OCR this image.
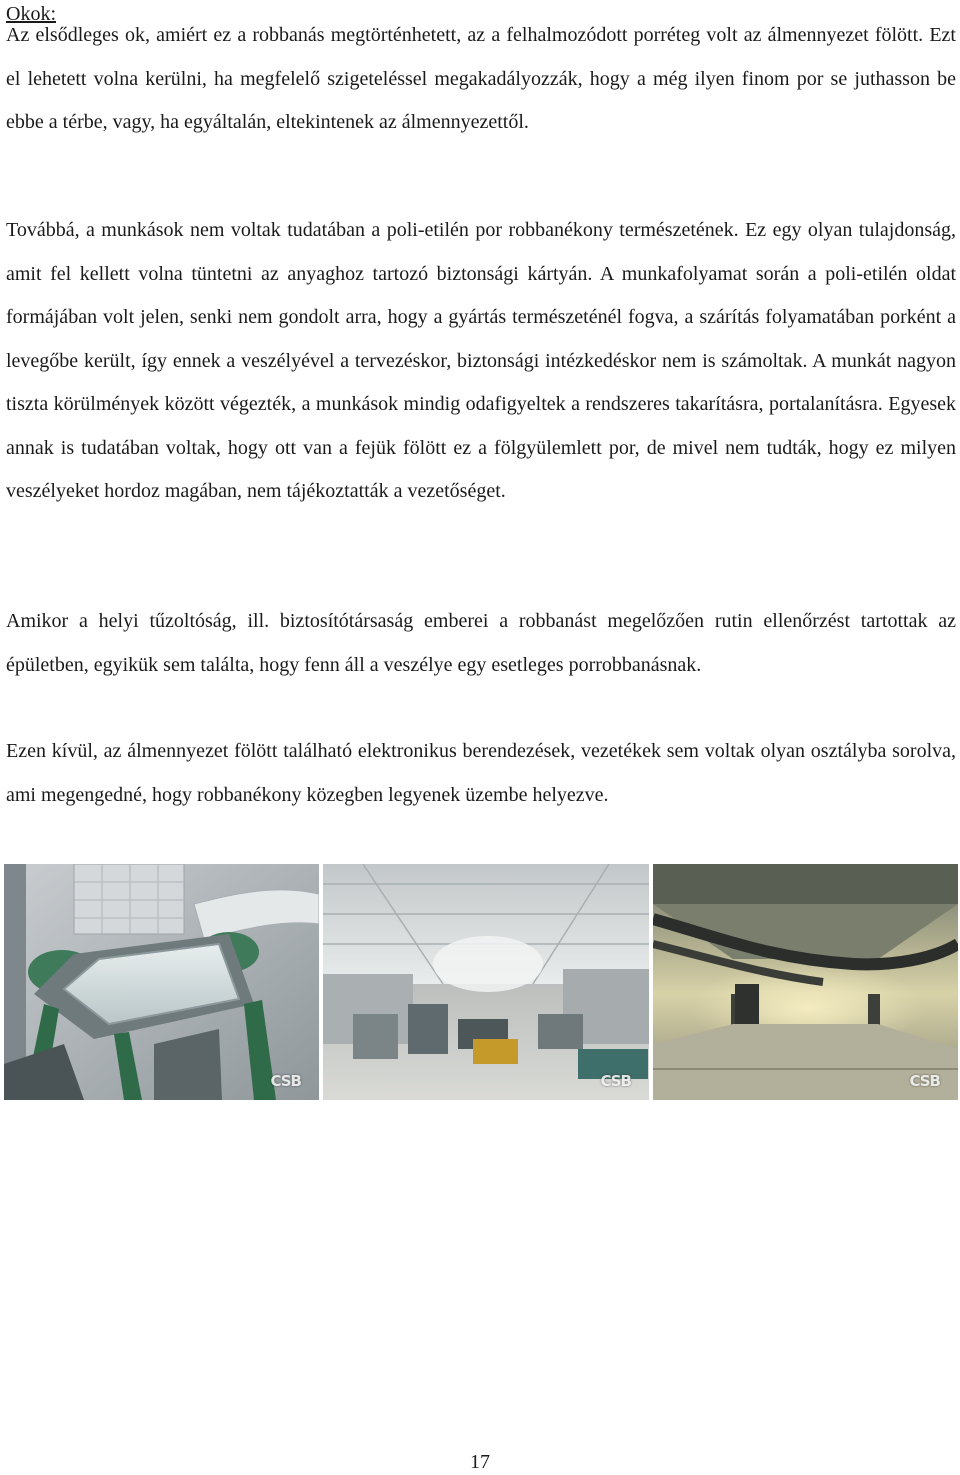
Okok:

Az elsődleges ok, amiért ez a robbanás megtörténhetett, az a felhalmozódott porréteg volt az álmennyezet fölött. Ezt el lehetett volna kerülni, ha megfelelő szigeteléssel megakadályozzák, hogy a még ilyen finom por se juthasson be ebbe a térbe, vagy, ha egyáltalán, eltekintenek az álmennyezettől.

Továbbá, a munkások nem voltak tudatában a poli-etilén por robbanékony természetének. Ez egy olyan tulajdonság, amit fel kellett volna tüntetni az anyaghoz tartozó biztonsági kártyán. A munkafolyamat során a poli-etilén oldat formájában volt jelen, senki nem gondolt arra, hogy a gyártás természeténél fogva, a szárítás folyamatában porként a levegőbe került, így ennek a veszélyével a tervezéskor, biztonsági intézkedéskor nem is számoltak. A munkát nagyon tiszta körülmények között végezték, a munkások mindig odafigyeltek a rendszeres takarításra, portalanításra. Egyesek annak is tudatában voltak, hogy ott van a fejük fölött ez a fölgyülemlett por, de mivel nem tudták, hogy ez milyen veszélyeket hordoz magában, nem tájékoztatták a vezetőséget.

Amikor a helyi tűzoltóság, ill. biztosítótársaság emberei a robbanást megelőzően rutin ellenőrzést tartottak az épületben, egyikük sem találta, hogy fenn áll a veszélye egy esetleges porrobbanásnak.

Ezen kívül, az álmennyezet fölött található elektronikus berendezések, vezetékek sem voltak olyan osztályba sorolva, ami megengedné, hogy robbanékony közegben legyenek üzembe helyezve.

CSB	CSB	CSB
17
